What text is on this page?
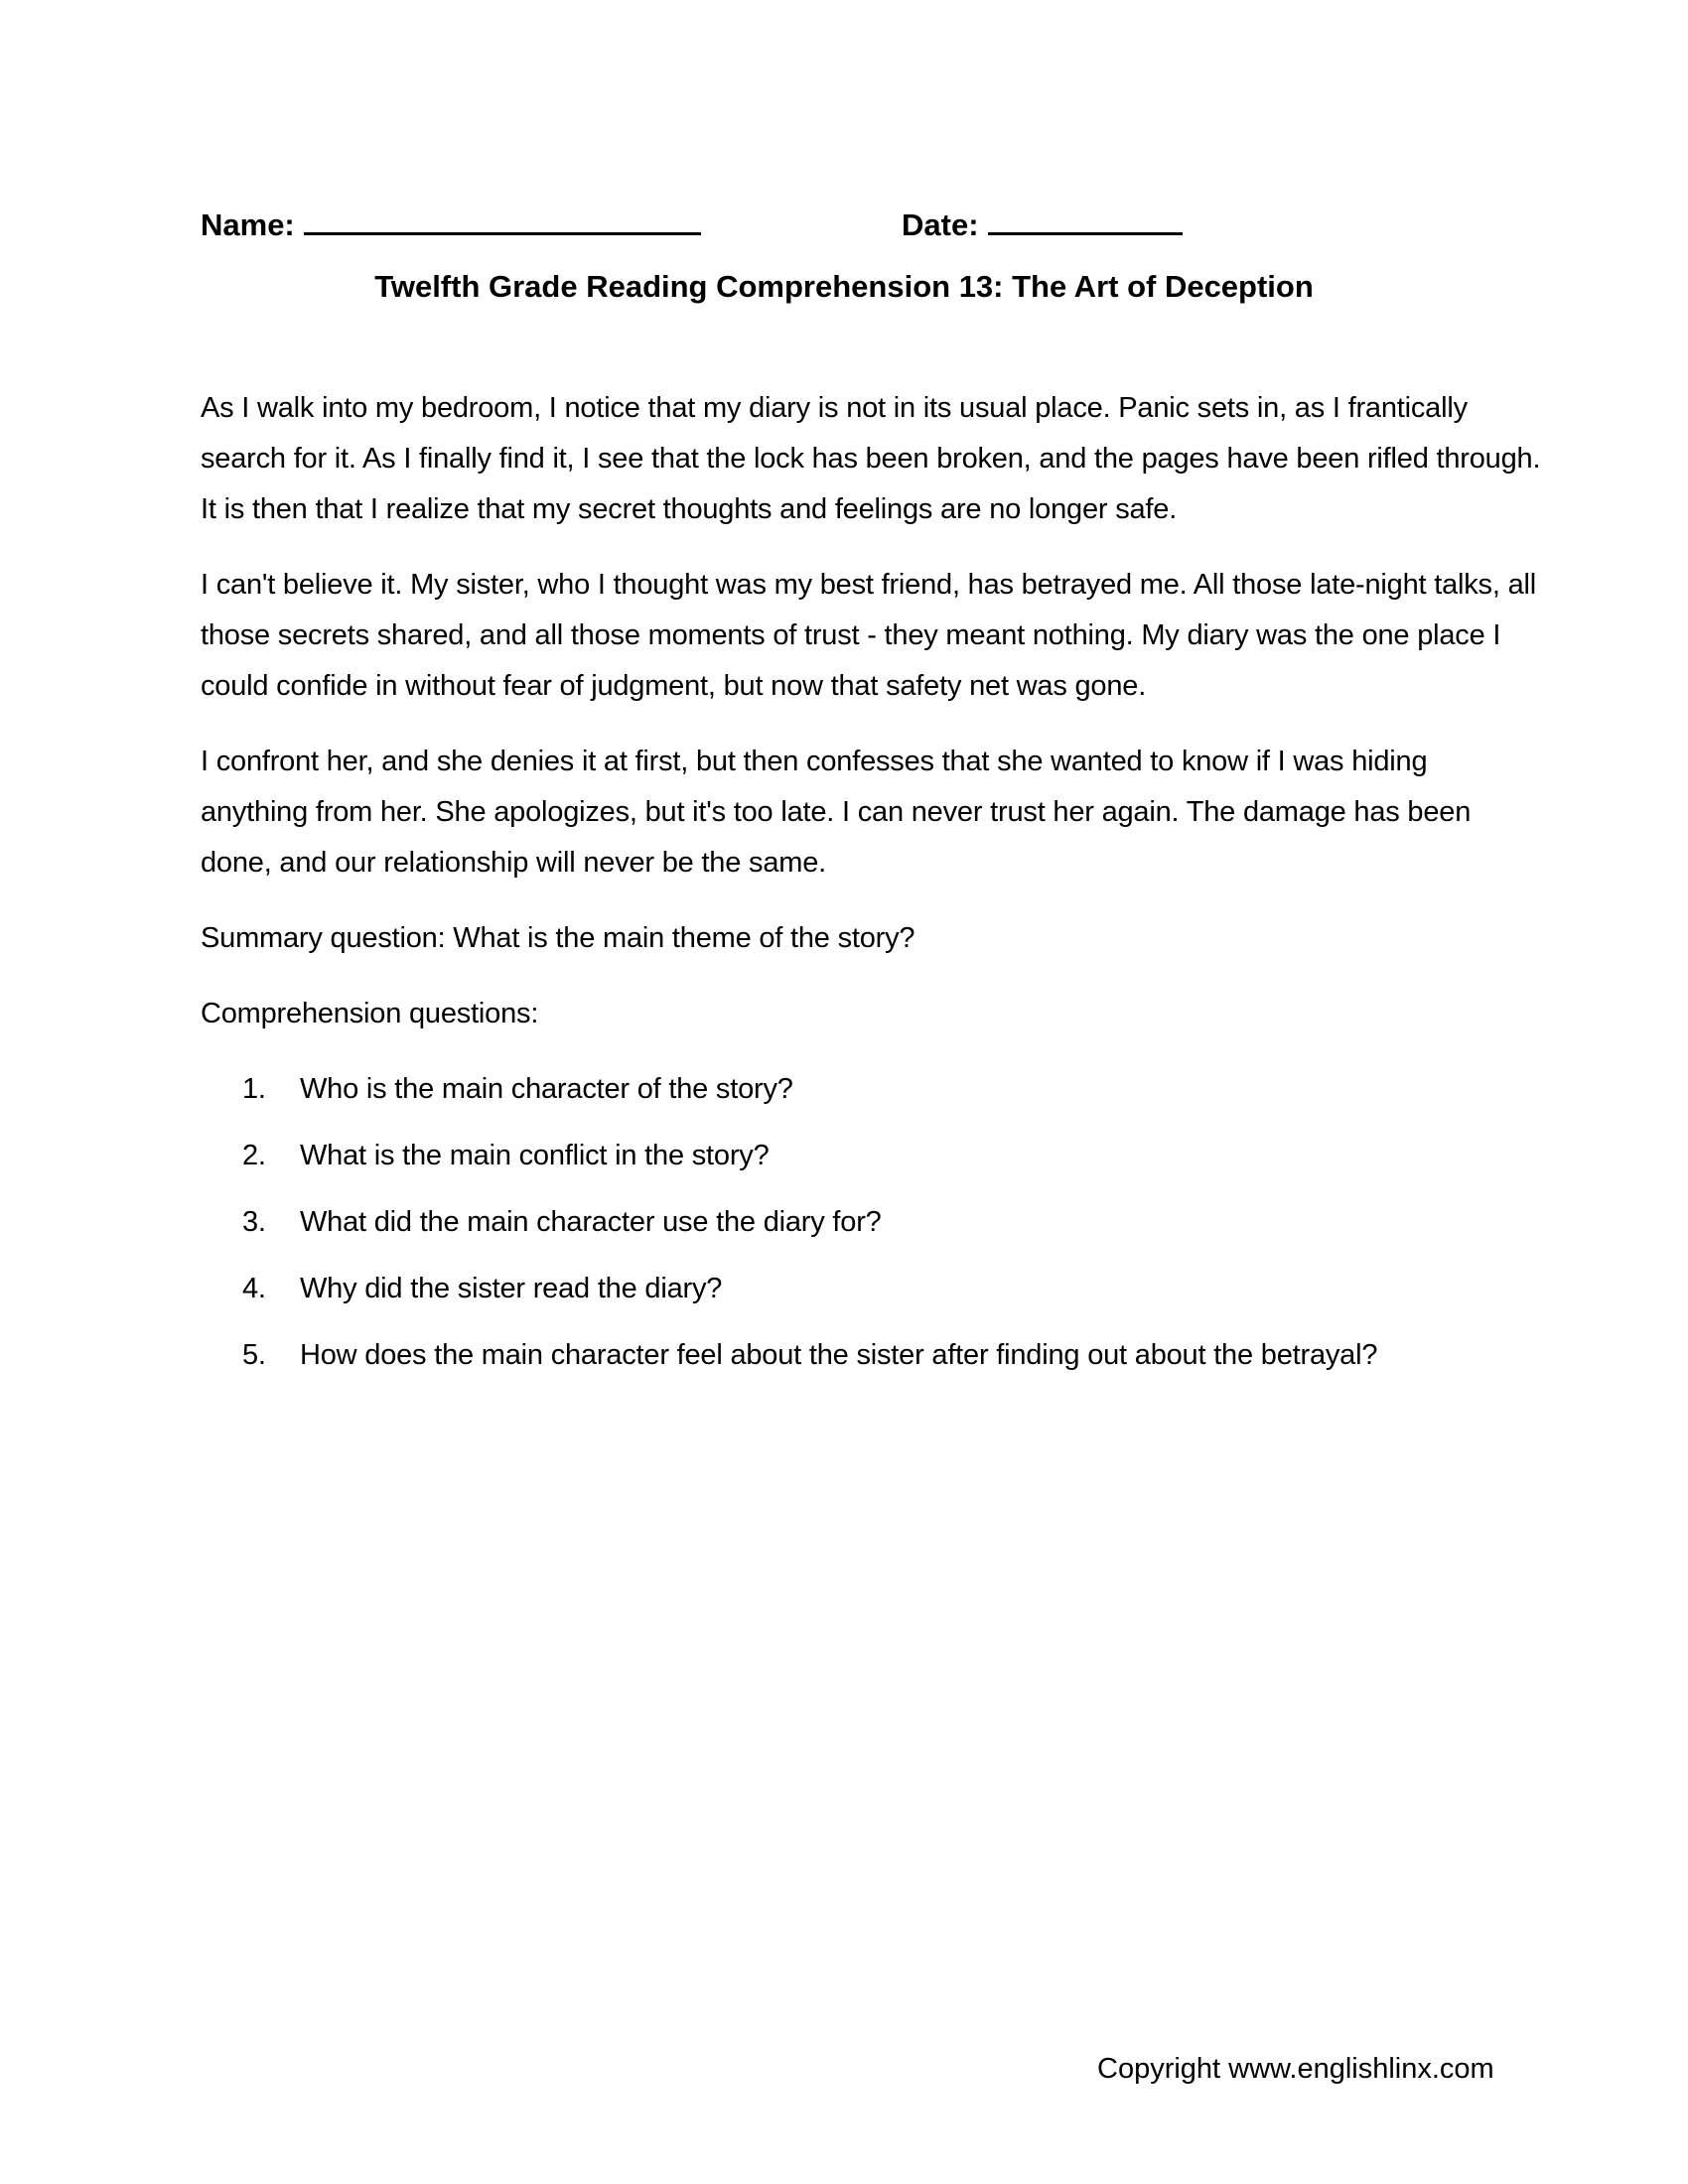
Name:	Date:
Twelfth Grade Reading Comprehension 13: The Art of Deception

As I walk into my bedroom, I notice that my diary is not in its usual place. Panic sets in, as I frantically search for it. As I finally find it, I see that the lock has been broken, and the pages have been rifled through. It is then that I realize that my secret thoughts and feelings are no longer safe.

I can't believe it. My sister, who I thought was my best friend, has betrayed me. All those late-night talks, all those secrets shared, and all those moments of trust - they meant nothing. My diary was the one place I could confide in without fear of judgment, but now that safety net was gone.

I confront her, and she denies it at first, but then confesses that she wanted to know if I was hiding anything from her. She apologizes, but it's too late. I can never trust her again. The damage has been done, and our relationship will never be the same.

Summary question: What is the main theme of the story?

Comprehension questions:

1. Who is the main character of the story?
2. What is the main conflict in the story?
3. What did the main character use the diary for?
4. Why did the sister read the diary?
5. How does the main character feel about the sister after finding out about the betrayal?
Copyright www.englishlinx.com
